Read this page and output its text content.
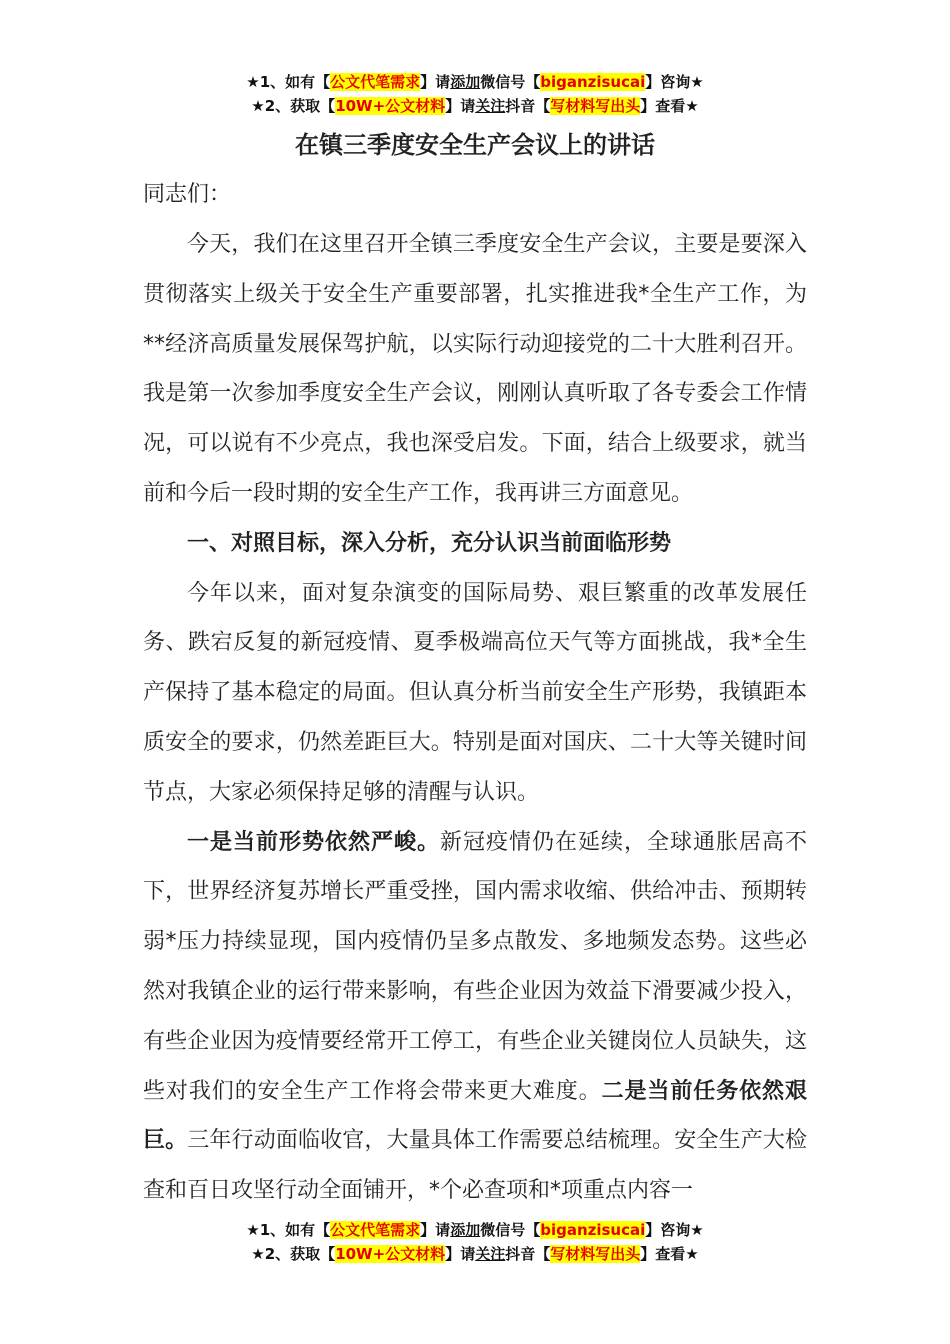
★1、如有【公文代笔需求】请添加微信号【biganzisucai】咨询★
★2、获取【10W+公文材料】请关注抖音【写材料写出头】查看★
在镇三季度安全生产会议上的讲话
同志们：

今天，我们在这里召开全镇三季度安全生产会议，主要是要深入贯彻落实上级关于安全生产重要部署，扎实推进我*全生产工作，为**经济高质量发展保驾护航，以实际行动迎接党的二十大胜利召开。我是第一次参加季度安全生产会议，刚刚认真听取了各专委会工作情况，可以说有不少亮点，我也深受启发。下面，结合上级要求，就当前和今后一段时期的安全生产工作，我再讲三方面意见。

一、对照目标，深入分析，充分认识当前面临形势

今年以来，面对复杂演变的国际局势、艰巨繁重的改革发展任务、跌宕反复的新冠疫情、夏季极端高位天气等方面挑战，我*全生产保持了基本稳定的局面。但认真分析当前安全生产形势，我镇距本质安全的要求，仍然差距巨大。特别是面对国庆、二十大等关键时间节点，大家必须保持足够的清醒与认识。

一是当前形势依然严峻。新冠疫情仍在延续，全球通胀居高不下，世界经济复苏增长严重受挫，国内需求收缩、供给冲击、预期转弱*压力持续显现，国内疫情仍呈多点散发、多地频发态势。这些必然对我镇企业的运行带来影响，有些企业因为效益下滑要减少投入，有些企业因为疫情要经常开工停工，有些企业关键岗位人员缺失，这些对我们的安全生产工作将会带来更大难度。二是当前任务依然艰巨。三年行动面临收官，大量具体工作需要总结梳理。安全生产大检查和百日攻坚行动全面铺开，*个必查项和*项重点内容一

★1、如有【公文代笔需求】请添加微信号【biganzisucai】咨询★
★2、获取【10W+公文材料】请关注抖音【写材料写出头】查看★
